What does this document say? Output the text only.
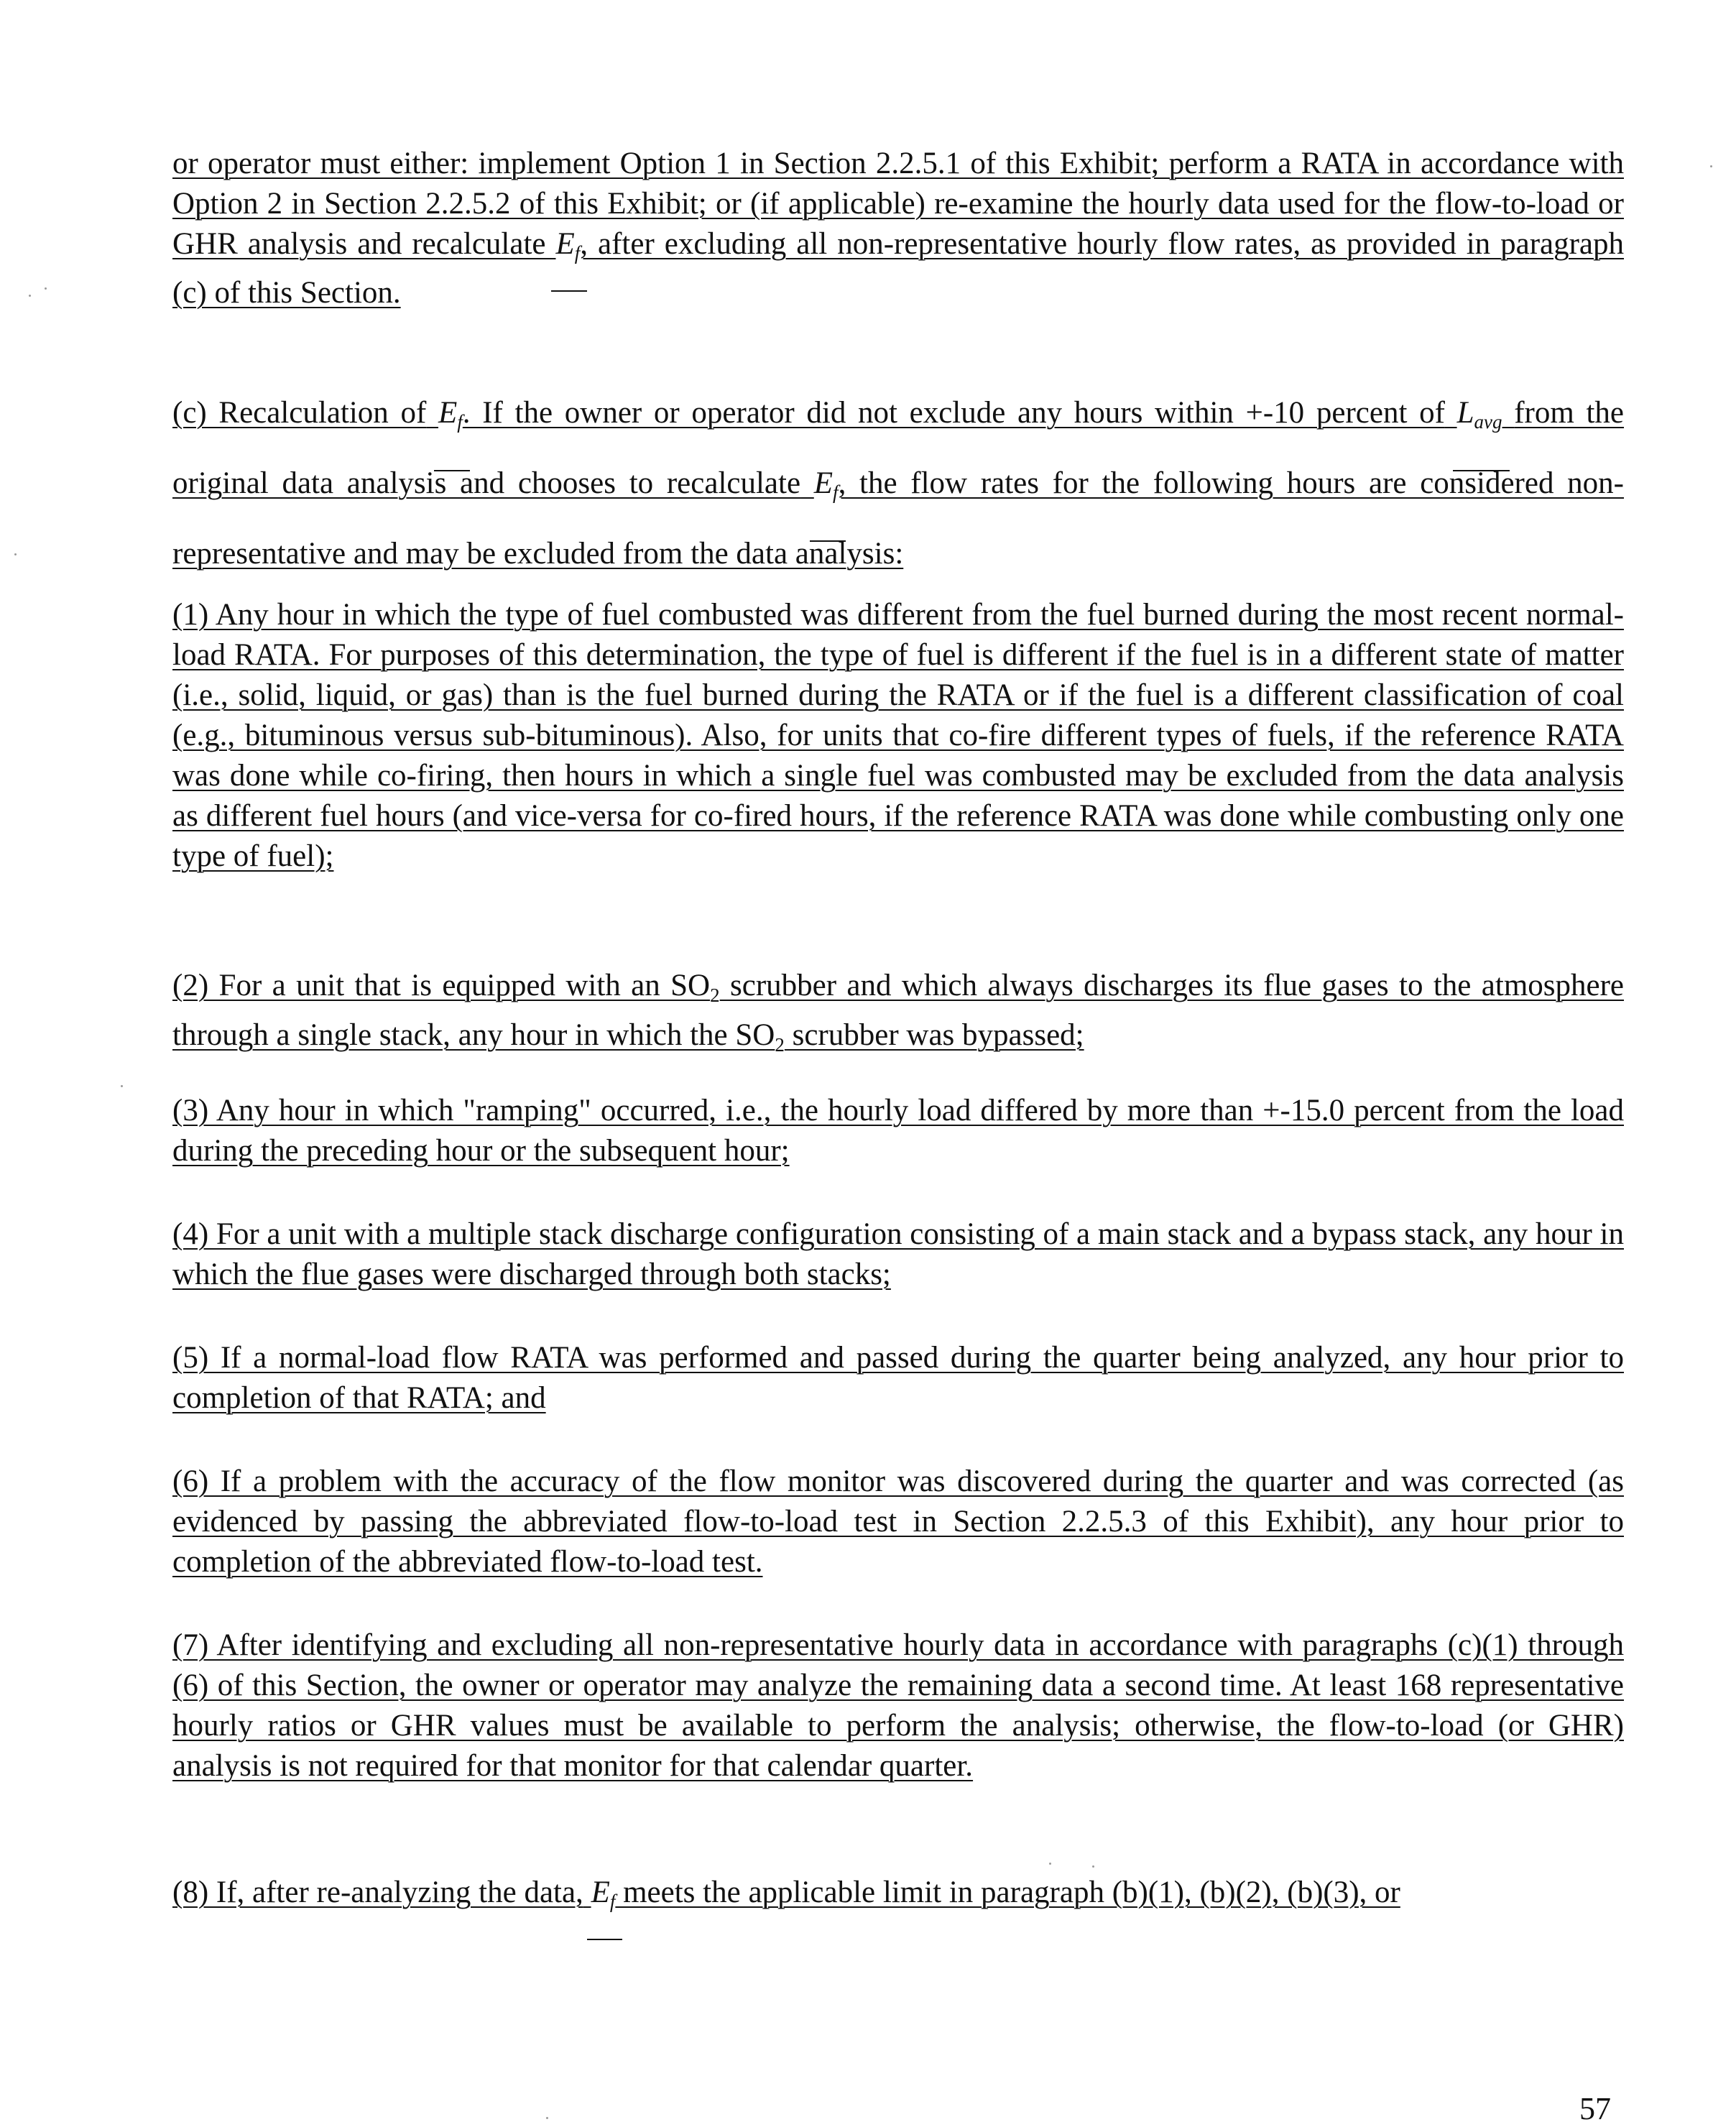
or operator must either: implement Option 1 in Section 2.2.5.1 of this Exhibit; perform a RATA in accordance with Option 2 in Section 2.2.5.2 of this Exhibit; or (if applicable) re-examine the hourly data used for the flow-to-load or GHR analysis and recalculate $E_f$, after excluding all non-representative hourly flow rates, as provided in paragraph (c) of this Section.

(c) Recalculation of $E_f$. If the owner or operator did not exclude any hours within +-10 percent of $L_{avg}$ from the original data analysis and chooses to recalculate $E_f$, the flow rates for the following hours are considered non-representative and may be excluded from the data analysis:

(1) Any hour in which the type of fuel combusted was different from the fuel burned during the most recent normal-load RATA. For purposes of this determination, the type of fuel is different if the fuel is in a different state of matter (i.e., solid, liquid, or gas) than is the fuel burned during the RATA or if the fuel is a different classification of coal (e.g., bituminous versus sub-bituminous). Also, for units that co-fire different types of fuels, if the reference RATA was done while co-firing, then hours in which a single fuel was combusted may be excluded from the data analysis as different fuel hours (and vice-versa for co-fired hours, if the reference RATA was done while combusting only one type of fuel);

(2) For a unit that is equipped with an $SO_2$ scrubber and which always discharges its flue gases to the atmosphere through a single stack, any hour in which the $SO_2$ scrubber was bypassed;

(3) Any hour in which "ramping" occurred, i.e., the hourly load differed by more than +-15.0 percent from the load during the preceding hour or the subsequent hour;

(4) For a unit with a multiple stack discharge configuration consisting of a main stack and a bypass stack, any hour in which the flue gases were discharged through both stacks;

(5) If a normal-load flow RATA was performed and passed during the quarter being analyzed, any hour prior to completion of that RATA; and

(6) If a problem with the accuracy of the flow monitor was discovered during the quarter and was corrected (as evidenced by passing the abbreviated flow-to-load test in Section 2.2.5.3 of this Exhibit), any hour prior to completion of the abbreviated flow-to-load test.

(7) After identifying and excluding all non-representative hourly data in accordance with paragraphs (c)(1) through (6) of this Section, the owner or operator may analyze the remaining data a second time. At least 168 representative hourly ratios or GHR values must be available to perform the analysis; otherwise, the flow-to-load (or GHR) analysis is not required for that monitor for that calendar quarter.

(8) If, after re-analyzing the data, $E_f$ meets the applicable limit in paragraph (b)(1), (b)(2), (b)(3), or

57
